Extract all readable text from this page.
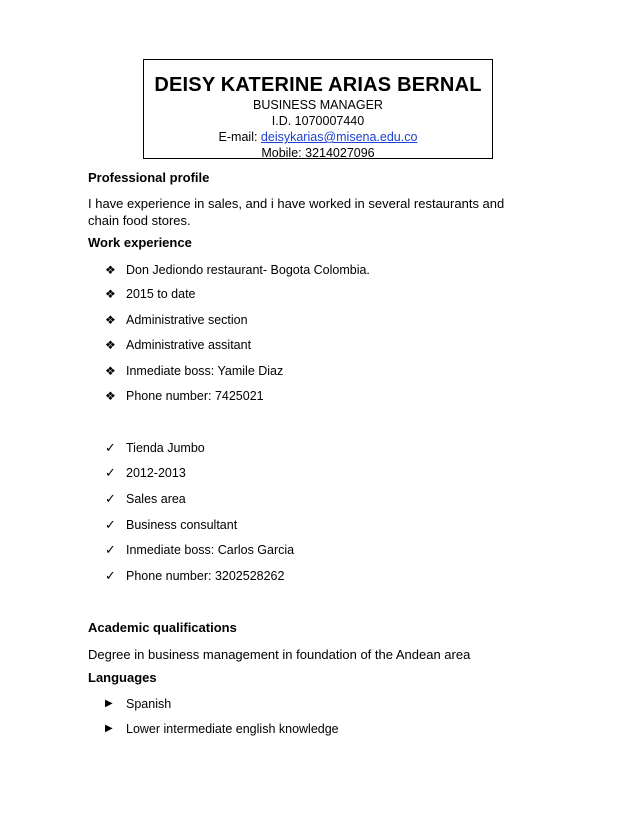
DEISY KATERINE ARIAS BERNAL
BUSINESS MANAGER
I.D. 1070007440
E-mail: deisykarias@misena.edu.co
Mobile: 3214027096
Professional profile
I have experience in sales, and i have worked in several restaurants and chain food stores.
Work experience
❖ Don Jediondo restaurant- Bogota Colombia.
❖ 2015 to date
❖ Administrative section
❖ Administrative assitant
❖ Inmediate boss: Yamile Diaz
❖ Phone number: 7425021
✓ Tienda Jumbo
✓ 2012-2013
✓ Sales area
✓ Business consultant
✓ Inmediate boss: Carlos Garcia
✓ Phone number: 3202528262
Academic qualifications
Degree in business management in foundation of the Andean area
Languages
▶	Spanish
▶	Lower intermediate english knowledge
